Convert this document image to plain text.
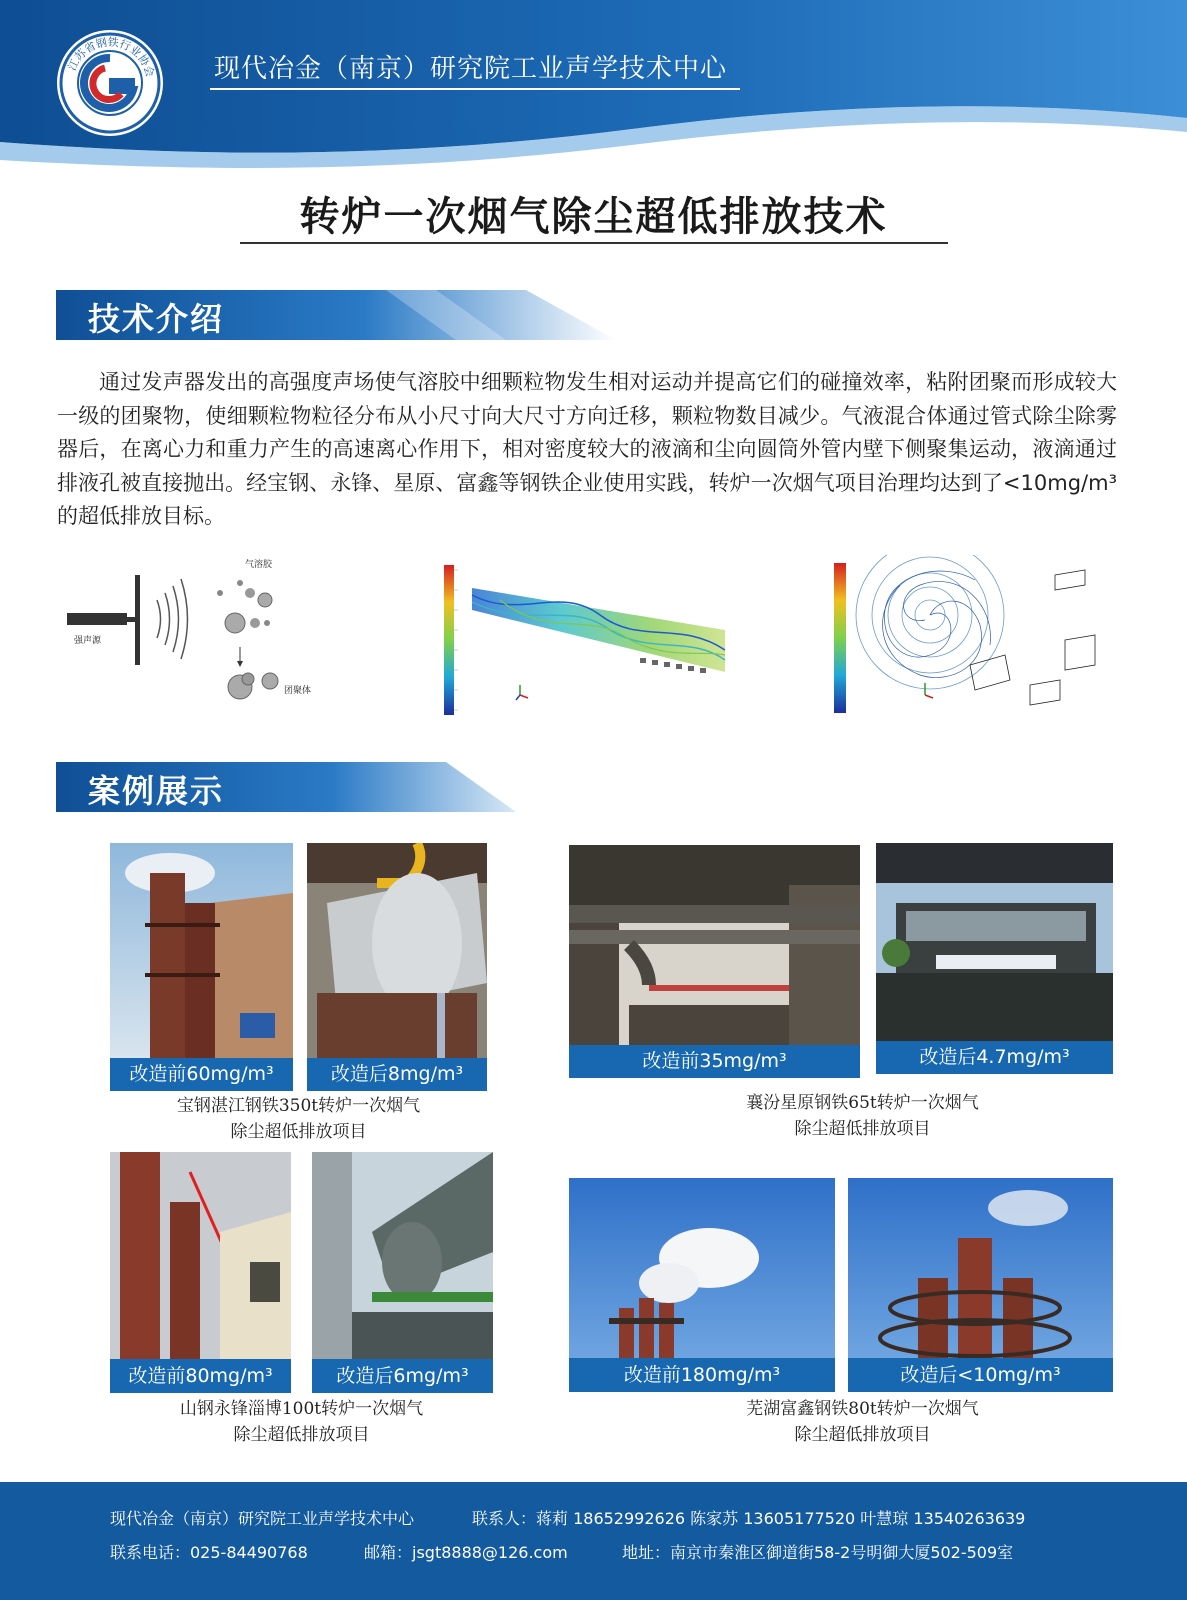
江苏省钢铁行业协会 现代冶金（南京）研究院工业声学技术中心
转炉一次烟气除尘超低排放技术
技术介绍
通过发声器发出的高强度声场使气溶胶中细颗粒物发生相对运动并提高它们的碰撞效率，粘附团聚而形成较大一级的团聚物，使细颗粒物粒径分布从小尺寸向大尺寸方向迁移，颗粒物数目减少。气液混合体通过管式除尘除雾器后，在离心力和重力产生的高速离心作用下，相对密度较大的液滴和尘向圆筒外管内壁下侧聚集运动，液滴通过排液孔被直接抛出。经宝钢、永锋、星原、富鑫等钢铁企业使用实践，转炉一次烟气项目治理均达到了<10mg/m³的超低排放目标。
强声源
气溶胶
团聚体
案例展示
改造前60mg/m³	改造后8mg/m³
宝钢湛江钢铁350t转炉一次烟气
除尘超低排放项目
改造前35mg/m³	改造后4.7mg/m³
襄汾星原钢铁65t转炉一次烟气
除尘超低排放项目
改造前80mg/m³	改造后6mg/m³
山钢永锋淄博100t转炉一次烟气
除尘超低排放项目
改造前180mg/m³	改造后<10mg/m³
芜湖富鑫钢铁80t转炉一次烟气
除尘超低排放项目
现代冶金（南京）研究院工业声学技术中心	联系人：蒋莉 18652992626 陈家苏 13605177520 叶慧琼 13540263639
联系电话：025-84490768	邮箱：jsgt8888@126.com	地址：南京市秦淮区御道街58-2号明御大厦502-509室
